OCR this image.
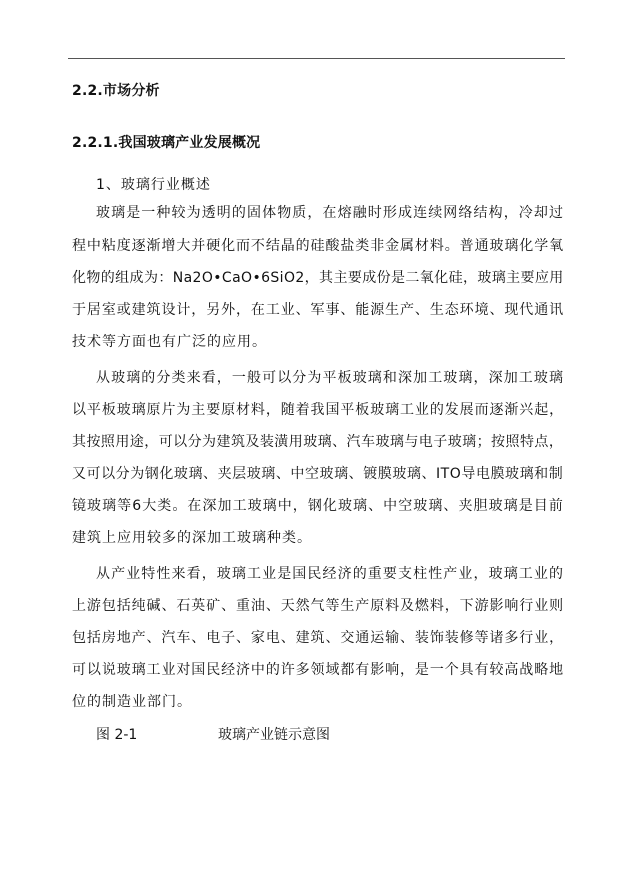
2.2.市场分析
2.2.1.我国玻璃产业发展概况
1、玻璃行业概述
玻璃是一种较为透明的固体物质，在熔融时形成连续网络结构，冷却过
程中粘度逐渐增大并硬化而不结晶的硅酸盐类非金属材料。普通玻璃化学氧
化物的组成为：Na2O•CaO•6SiO2，其主要成份是二氧化硅，玻璃主要应用
于居室或建筑设计，另外，在工业、军事、能源生产、生态环境、现代通讯
技术等方面也有广泛的应用。
从玻璃的分类来看，一般可以分为平板玻璃和深加工玻璃，深加工玻璃
以平板玻璃原片为主要原材料，随着我国平板玻璃工业的发展而逐渐兴起，
其按照用途，可以分为建筑及装潢用玻璃、汽车玻璃与电子玻璃；按照特点，
又可以分为钢化玻璃、夹层玻璃、中空玻璃、镀膜玻璃、ITO导电膜玻璃和制
镜玻璃等6大类。在深加工玻璃中，钢化玻璃、中空玻璃、夹胆玻璃是目前
建筑上应用较多的深加工玻璃种类。
从产业特性来看，玻璃工业是国民经济的重要支柱性产业，玻璃工业的
上游包括纯碱、石英矿、重油、天然气等生产原料及燃料，下游影响行业则
包括房地产、汽车、电子、家电、建筑、交通运输、装饰装修等诸多行业，
可以说玻璃工业对国民经济中的许多领域都有影响，是一个具有较高战略地
位的制造业部门。
图 2-1	玻璃产业链示意图
